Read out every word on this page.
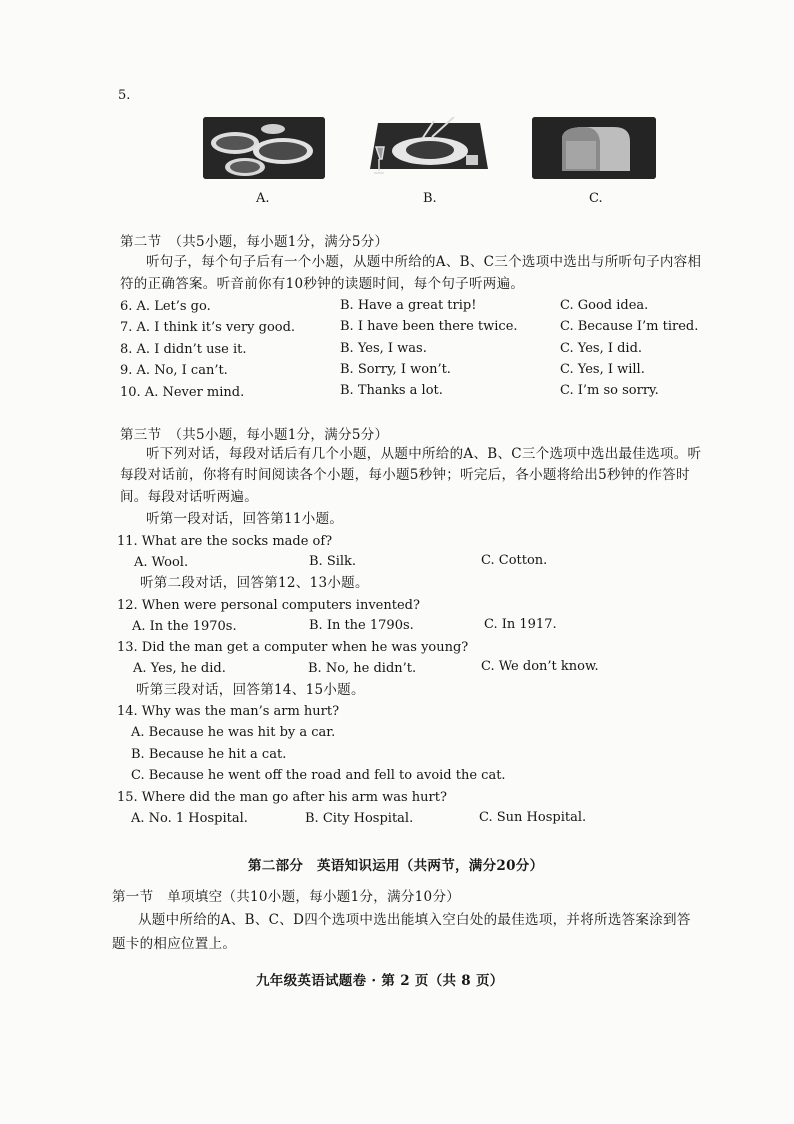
5.
A.	B.	C.
第二节　（共5小题，每小题1分，满分5分）
听句子，每个句子后有一个小题，从题中所给的A、B、C三个选项中选出与所听句子内容相
符的正确答案。听音前你有10秒钟的读题时间，每个句子听两遍。
6. A. Let’s go.	B. Have a great trip!	C. Good idea.
7. A. I think it’s very good.	B. I have been there twice.	C. Because I’m tired.
8. A. I didn’t use it.	B. Yes, I was.	C. Yes, I did.
9. A. No, I can’t.	B. Sorry, I won’t.	C. Yes, I will.
10. A. Never mind.	B. Thanks a lot.	C. I’m so sorry.
第三节　（共5小题，每小题1分，满分5分）
听下列对话，每段对话后有几个小题，从题中所给的A、B、C三个选项中选出最佳选项。听
每段对话前，你将有时间阅读各个小题，每小题5秒钟；听完后，各小题将给出5秒钟的作答时
间。每段对话听两遍。
听第一段对话，回答第11小题。
11. What are the socks made of?
A. Wool.	B. Silk.	C. Cotton.
听第二段对话，回答第12、13小题。
12. When were personal computers invented?
A. In the 1970s.	B. In the 1790s.	C. In 1917.
13. Did the man get a computer when he was young?
A. Yes, he did.	B. No, he didn’t.	C. We don’t know.
听第三段对话，回答第14、15小题。
14. Why was the man’s arm hurt?
A. Because he was hit by a car.
B. Because he hit a cat.
C. Because he went off the road and fell to avoid the cat.
15. Where did the man go after his arm was hurt?
A. No. 1 Hospital.	B. City Hospital.	C. Sun Hospital.
第二部分　英语知识运用（共两节，满分20分）
第一节　单项填空（共10小题，每小题1分，满分10分）
从题中所给的A、B、C、D四个选项中选出能填入空白处的最佳选项，并将所选答案涂到答
题卡的相应位置上。
九年级英语试题卷 · 第 2 页（共 8 页）
